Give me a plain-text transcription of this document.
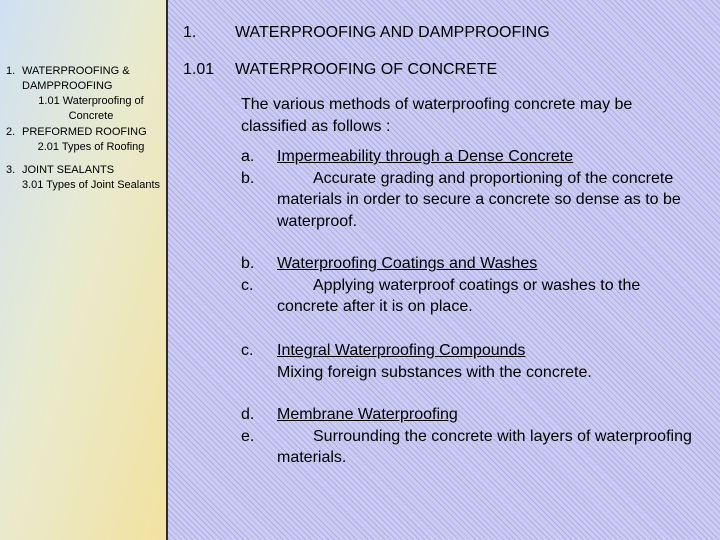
1. WATERPROOFING & DAMPPROOFING
1.01 Waterproofing of Concrete
2. PREFORMED ROOFING
2.01 Types of Roofing
3. JOINT SEALANTS
3.01 Types of Joint Sealants
1. WATERPROOFING AND DAMPPROOFING
1.01 WATERPROOFING OF CONCRETE
The various methods of waterproofing concrete may be classified as follows :
a.
b.
Impermeability through a Dense Concrete
Accurate grading and proportioning of the concrete materials in order to secure a concrete so dense as to be waterproof.
b.
c.
Waterproofing Coatings and Washes
Applying waterproof coatings or washes to the concrete after it is on place.
c. Integral Waterproofing Compounds
Mixing foreign substances with the concrete.
d.
e.
Membrane Waterproofing
Surrounding the concrete with layers of waterproofing materials.
